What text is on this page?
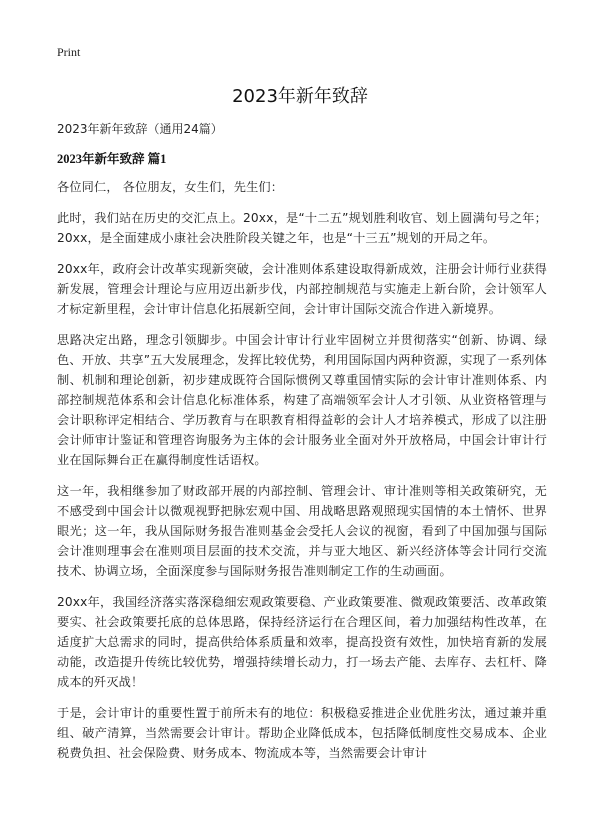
Print
2023年新年致辞

2023年新年致辞（通用24篇）

2023年新年致辞 篇1

各位同仁， 各位朋友，女生们，先生们：

此时，我们站在历史的交汇点上。20xx，是“十二五”规划胜利收官、划上圆满句号之年；20xx，是全面建成小康社会决胜阶段关键之年，也是“十三五”规划的开局之年。

20xx年，政府会计改革实现新突破，会计准则体系建设取得新成效，注册会计师行业获得新发展，管理会计理论与应用迈出新步伐，内部控制规范与实施走上新台阶，会计领军人才标定新里程，会计审计信息化拓展新空间，会计审计国际交流合作进入新境界。

思路决定出路，理念引领脚步。中国会计审计行业牢固树立并贯彻落实“创新、协调、绿色、开放、共享”五大发展理念，发挥比较优势，利用国际国内两种资源，实现了一系列体制、机制和理论创新，初步建成既符合国际惯例又尊重国情实际的会计审计准则体系、内部控制规范体系和会计信息化标准体系，构建了高端领军会计人才引领、从业资格管理与会计职称评定相结合、学历教育与在职教育相得益彰的会计人才培养模式，形成了以注册会计师审计鉴证和管理咨询服务为主体的会计服务业全面对外开放格局，中国会计审计行业在国际舞台正在赢得制度性话语权。

这一年，我相继参加了财政部开展的内部控制、管理会计、审计准则等相关政策研究，无不感受到中国会计以微观视野把脉宏观中国、用战略思路观照现实国情的本土情怀、世界眼光；这一年，我从国际财务报告准则基金会受托人会议的视窗，看到了中国加强与国际会计准则理事会在准则项目层面的技术交流，并与亚大地区、新兴经济体等会计同行交流技术、协调立场，全面深度参与国际财务报告准则制定工作的生动画面。

20xx年，我国经济落实落深稳细宏观政策要稳、产业政策要准、微观政策要活、改革政策要实、社会政策要托底的总体思路，保持经济运行在合理区间，着力加强结构性改革，在适度扩大总需求的同时，提高供给体系质量和效率，提高投资有效性，加快培育新的发展动能，改造提升传统比较优势，增强持续增长动力，打一场去产能、去库存、去杠杆、降成本的歼灭战！

于是，会计审计的重要性置于前所未有的地位：积极稳妥推进企业优胜劣汰，通过兼并重组、破产清算，当然需要会计审计。帮助企业降低成本，包括降低制度性交易成本、企业税费负担、社会保险费、财务成本、物流成本等，当然需要会计审计
